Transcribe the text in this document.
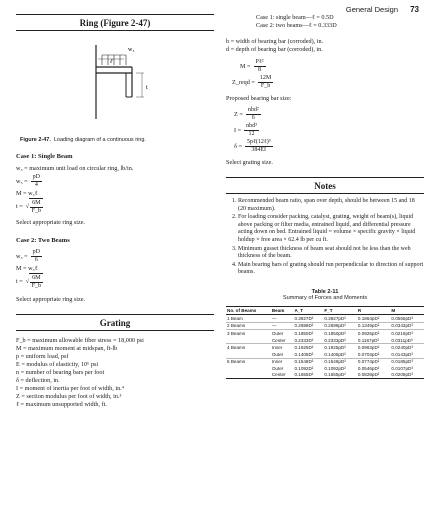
General Design 73
Ring (Figure 2-47)
w₃
ℓ
t
Figure 2-47. Loading diagram of a continuous ring.
Case 1: Single Beam

w₃ = maximum unit load on circular ring, lb/in.

$w_3 = \frac{pD}{4}$
M = w₃ℓ
t = √ $\frac{6M}{F\_b}$

Select appropriate ring size.

Case 2: Two Beams
$w_3 = \frac{pD}{6}$
M = w₃ℓ
t = √ $\frac{6M}{F\_b}$

Select appropriate ring size.

Grating

F_b = maximum allowable fiber stress = 18,000 psi

M = maximum moment at midspan, ft-lb

p = uniform load, psf

E = modulus of elasticity, 10⁶ psi

n = number of bearing bars per foot

δ = deflection, in.

I = moment of inertia per foot of width, in.⁴

Z = section modulus per foot of width, in.³

ℓ = maximum unsupported width, ft.

Case 1: single beam—ℓ = 0.5D

Case 2: two beams—ℓ = 0.333D

b = width of bearing bar (corroded), in.

d = depth of bearing bar (corroded), in.

$M = \frac{\text{Pℓ²}}{8}$
Z_reqd = $\frac{12M}{F\_b}$

Proposed bearing bar size:

$Z = \frac{\text{nbd²}}{6}$
$I = \frac{\text{nbd³}}{12}$
$\delta = \frac{\text{5pℓ(12ℓ)³}}{384EI}$

Select grating size.

Notes
1. Recommended beam ratio, span over depth, should be between 15 and 18 (20 maximum).
2. For loading consider packing, catalyst, grating, weight of beam(s), liquid above packing or filter media, entrained liquid, and differential pressure acting down on bed. Entrained liquid = volume × specific gravity × liquid holdup × free area × 62.4 lb per cu ft.
3. Minimum gusset thickness of beam seat should not be less than the web thickness of the beam.
4. Main bearing bars of grating should run perpendicular to direction of support beams.
Table 2-11
Summary of Forces and Moments
No. of Beams	Beam	A_T	F_T	R	M
1 Beam	—	0.3927D²	0.3927pD²	0.1864pD²	0.0565pD³
2 Beams	—	0.2698D²	0.2698pD²	0.1349pD²	0.0343pD³
3 Beams	Outer	0.1850D²	0.1850pD²	0.0925pD²	0.0219pD³
	Center	0.2333D²	0.2333pD²	0.1167pD²	0.0311pD³
4 Beams	Inner	0.1925D²	0.1925pD²	0.0963pD²	0.0240pD³
	Outer	0.1405D²	0.1405pD²	0.0703pD²	0.0143pD³
5 Beams	Inner	0.1548D²	0.1548pD²	0.0774pD²	0.0185pD³
	Outer	0.1092D²	0.1092pD²	0.0546pD²	0.0107pD³
	Center	0.1655D²	0.1655pD²	0.0828pD²	0.0208pD³
